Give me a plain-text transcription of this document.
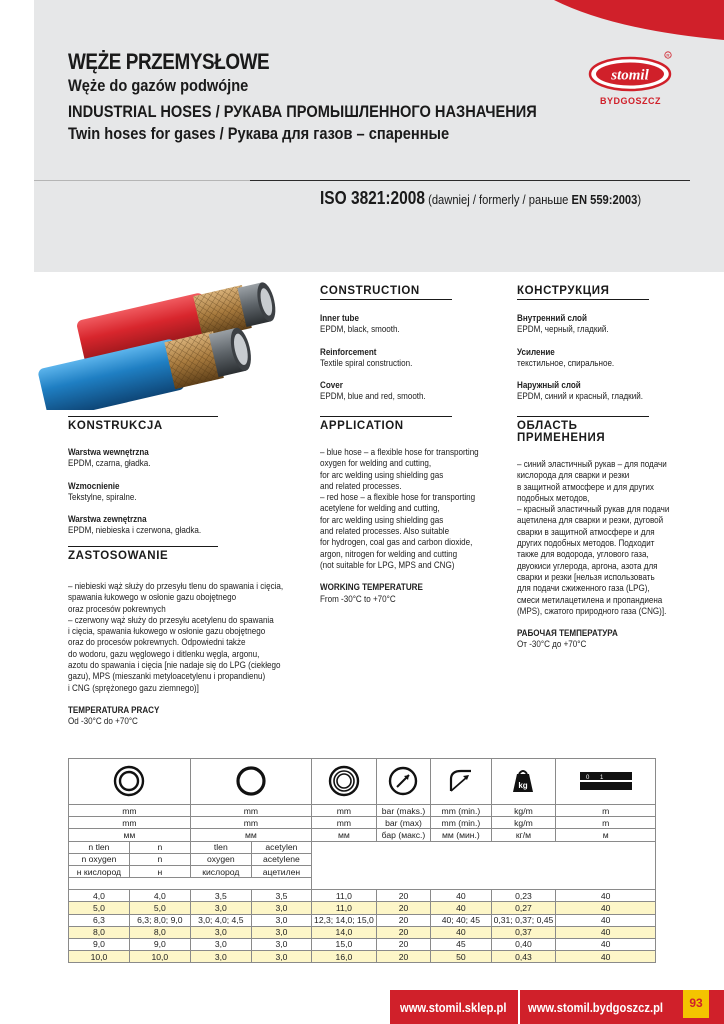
WĘŻE PRZEMYSŁOWE
Węże do gazów podwójne
INDUSTRIAL HOSES / РУКАВА ПРОМЫШЛЕННОГО НАЗНАЧЕНИЯ
Twin hoses for gases / Рукава для газов – спаренные
stomil
R
BYDGOSZCZ
ISO 3821:2008 (dawniej / formerly / раньше EN 559:2003)
CONSTRUCTION
Inner tube
EPDM, black, smooth.
Reinforcement
Textile spiral construction.
Cover
EPDM, blue and red, smooth.
КОНСТРУКЦИЯ
Внутренний слой
EPDM, черный, гладкий.
Усиление
текстильное, спиральное.
Наружный слой
EPDM, синий и красный, гладкий.
KONSTRUKCJA
Warstwa wewnętrzna
EPDM, czarna, gładka.
Wzmocnienie
Tekstylne, spiralne.
Warstwa zewnętrzna
EPDM, niebieska i czerwona, gładka.
APPLICATION
– blue hose – a flexible hose for transporting
oxygen for welding and cutting,
for arc welding using shielding gas
and related processes.
– red hose – a flexible hose for transporting
acetylene for welding and cutting,
for arc welding using shielding gas
and related processes. Also suitable
for hydrogen, coal gas and carbon dioxide,
argon, nitrogen for welding and cutting
(not suitable for LPG, MPS and CNG)
WORKING TEMPERATURE
From -30°C to +70°C
ОБЛАСТЬ
ПРИМЕНЕНИЯ
– синий эластичный рукав – для подачи
кислорода для сварки и резки
в защитной атмосфере и для других
подобных методов,
– красный эластичный рукав для подачи
ацетилена для сварки и резки, дуговой
сварки в защитной атмосфере и для
других подобных методов. Подходит
также для водорода, углового газа,
двуокиси углерода, аргона, азота для
сварки и резки [нельзя использовать
для подачи сжиженного газа (LPG),
смеси метилацетилена и пропандиена
(MPS), сжатого природного газа (CNG)].
РАБОЧАЯ ТЕМПЕРАТУРА
От -30°С до +70°С
ZASTOSOWANIE
– niebieski wąż służy do przesyłu tlenu do spawania i cięcia,
spawania łukowego w osłonie gazu obojętnego
oraz procesów pokrewnych
– czerwony wąż służy do przesyłu acetylenu do spawania
i cięcia, spawania łukowego w osłonie gazu obojętnego
oraz do procesów pokrewnych. Odpowiedni także
do wodoru, gazu węglowego i ditlenku węgla, argonu,
azotu do spawania i cięcia [nie nadaje się do LPG (ciekłego
gazu), MPS (mieszanki metyloacetylenu i propandienu)
i CNG (sprężonego gazu ziemnego)]
TEMPERATURA PRACY
Od -30°C do +70°C

kg	0 1

mm		mm		mm	bar (maks.)	mm (min.)	kg/m	m
mm		mm		mm	bar (max)	mm (min.)	kg/m	m
мм		мм		мм	бар (макс.)	мм (мин.)	кг/м	м
n tlen	n	tlen	acetylen					
n oxygen	n	oxygen	acetylene					
н кислород	н	кислород	ацетилен					

4,0	4,0	3,5	3,5	11,0	20	40	0,23	40
5,0	5,0	3,0	3,0	11,0	20	40	0,27	40
6,3	6,3; 8,0; 9,0	3,0; 4,0; 4,5	3,0	12,3; 14,0; 15,0	20	40; 40; 45	0,31; 0,37; 0,45	40
8,0	8,0	3,0	3,0	14,0	20	40	0,37	40
9,0	9,0	3,0	3,0	15,0	20	45	0,40	40
10,0	10,0	3,0	3,0	16,0	20	50	0,43	40
www.stomil.sklep.pl www.stomil.bydgoszcz.pl	93
